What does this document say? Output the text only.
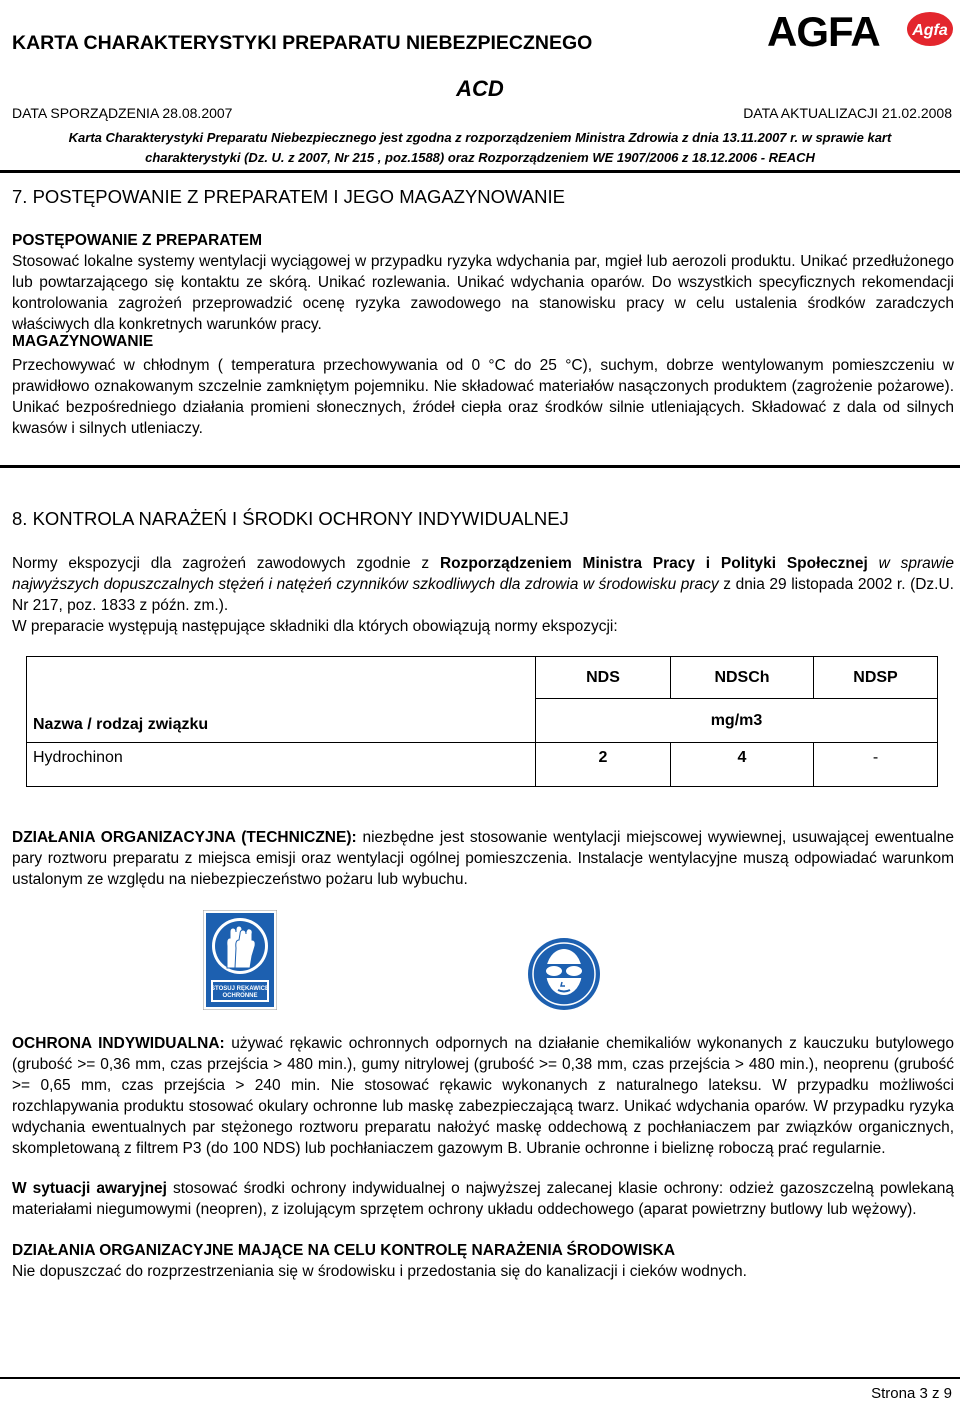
KARTA CHARAKTERYSTYKI PREPARATU NIEBEZPIECZNEGO	AGFA Agfa
ACD
DATA SPORZĄDZENIA 28.08.2007	DATA AKTUALIZACJI 21.02.2008
Karta Charakterystyki Preparatu Niebezpiecznego jest zgodna z rozporządzeniem Ministra Zdrowia z dnia 13.11.2007 r. w sprawie kart
charakterystyki (Dz. U. z 2007, Nr 215 , poz.1588) oraz Rozporządzeniem WE 1907/2006 z 18.12.2006 - REACH
7. POSTĘPOWANIE Z PREPARATEM I JEGO MAGAZYNOWANIE
POSTĘPOWANIE Z PREPARATEM
Stosować lokalne systemy wentylacji wyciągowej w przypadku ryzyka wdychania par, mgieł lub aerozoli produktu. Unikać przedłużonego lub powtarzającego się kontaktu ze skórą. Unikać rozlewania. Unikać wdychania oparów. Do wszystkich specyficznych rekomendacji kontrolowania zagrożeń przeprowadzić ocenę ryzyka zawodowego na stanowisku pracy w celu ustalenia środków zaradczych właściwych dla konkretnych warunków pracy.
MAGAZYNOWANIE
Przechowywać w chłodnym ( temperatura przechowywania od 0 °C do 25 °C), suchym, dobrze wentylowanym pomieszczeniu w prawidłowo oznakowanym szczelnie zamkniętym pojemniku. Nie składować materiałów nasączonych produktem (zagrożenie pożarowe). Unikać bezpośredniego działania promieni słonecznych, źródeł ciepła oraz środków silnie utleniających. Składować z dala od silnych kwasów i silnych utleniaczy.
8. KONTROLA NARAŻEŃ I ŚRODKI OCHRONY INDYWIDUALNEJ
Normy ekspozycji dla zagrożeń zawodowych zgodnie z Rozporządzeniem Ministra Pracy i Polityki Społecznej w sprawie najwyższych dopuszczalnych stężeń i natężeń czynników szkodliwych dla zdrowia w środowisku pracy z dnia 29 listopada 2002 r. (Dz.U. Nr 217, poz. 1833 z późn. zm.).
W preparacie występują następujące składniki dla których obowiązują normy ekspozycji:
Nazwa / rodzaj związku	NDS	NDSCh	NDSP
	mg/m3		
Hydrochinon	2	4	-
DZIAŁANIA ORGANIZACYJNA (TECHNICZNE): niezbędne jest stosowanie wentylacji miejscowej wywiewnej, usuwającej ewentualne pary roztworu preparatu z miejsca emisji oraz wentylacji ogólnej pomieszczenia. Instalacje wentylacyjne muszą odpowiadać warunkom ustalonym ze względu na niebezpieczeństwo pożaru lub wybuchu.
STOSUJ RĘKAWICE
OCHRONNE
OCHRONA INDYWIDUALNA: używać rękawic ochronnych odpornych na działanie chemikaliów wykonanych z kauczuku butylowego (grubość >= 0,36 mm, czas przejścia > 480 min.), gumy nitrylowej (grubość >= 0,38 mm, czas przejścia > 480 min.), neoprenu (grubość >= 0,65 mm, czas przejścia > 240 min. Nie stosować rękawic wykonanych z naturalnego lateksu. W przypadku możliwości rozchlapywania produktu stosować okulary ochronne lub maskę zabezpieczającą twarz. Unikać wdychania oparów. W przypadku ryzyka wdychania ewentualnych par stężonego roztworu preparatu nałożyć maskę oddechową z pochłaniaczem par związków organicznych, skompletowaną z filtrem P3 (do 100 NDS) lub pochłaniaczem gazowym B. Ubranie ochronne i bieliznę roboczą prać regularnie.
W sytuacji awaryjnej stosować środki ochrony indywidualnej o najwyższej zalecanej klasie ochrony: odzież gazoszczelną powlekaną materiałami niegumowymi (neopren), z izolującym sprzętem ochrony układu oddechowego (aparat powietrzny butlowy lub wężowy).
DZIAŁANIA ORGANIZACYJNE MAJĄCE NA CELU KONTROLĘ NARAŻENIA ŚRODOWISKA
Nie dopuszczać do rozprzestrzeniania się w środowisku i przedostania się do kanalizacji i cieków wodnych.
Strona 3 z 9
